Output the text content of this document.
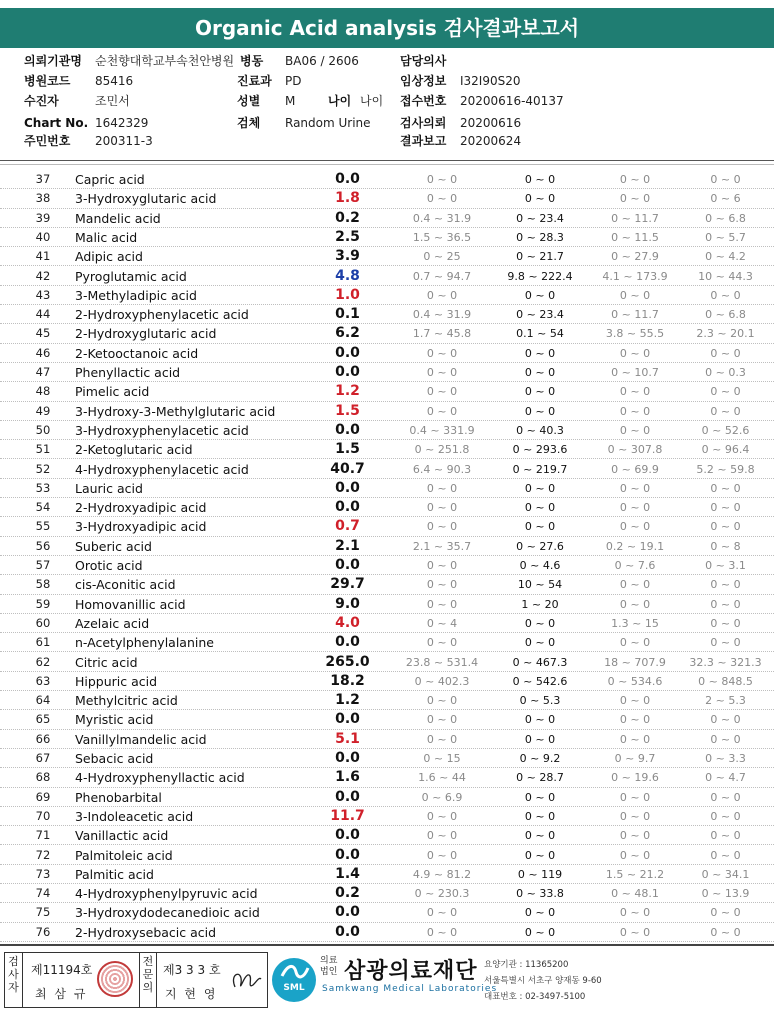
Organic Acid analysis 검사결과보고서
의뢰기관명 순천향대학교부속천안병원 병동 BA06 / 2606	담당의사
병원코드 85416	진료과 PD	임상정보 I32I90S20
수진자	조민서	성별 M	나이 나이 접수번호 20200616-40137
Chart No. 1642329	검체 Random Urine 검사의뢰 20200616
주민번호 200311-3	결과보고 20200624
37	Capric acid	0.0	0 ~ 0	0 ~ 0	0 ~ 0	0 ~ 0
38	3-Hydroxyglutaric acid	1.8	0 ~ 0	0 ~ 0	0 ~ 0	0 ~ 6
39	Mandelic acid	0.2	0.4 ~ 31.9	0 ~ 23.4	0 ~ 11.7	0 ~ 6.8
40	Malic acid	2.5	1.5 ~ 36.5	0 ~ 28.3	0 ~ 11.5	0 ~ 5.7
41	Adipic acid	3.9	0 ~ 25	0 ~ 21.7	0 ~ 27.9	0 ~ 4.2
42	Pyroglutamic acid	4.8	0.7 ~ 94.7	9.8 ~ 222.4	4.1 ~ 173.9	10 ~ 44.3
43	3-Methyladipic acid	1.0	0 ~ 0	0 ~ 0	0 ~ 0	0 ~ 0
44	2-Hydroxyphenylacetic acid	0.1	0.4 ~ 31.9	0 ~ 23.4	0 ~ 11.7	0 ~ 6.8
45	2-Hydroxyglutaric acid	6.2	1.7 ~ 45.8	0.1 ~ 54	3.8 ~ 55.5	2.3 ~ 20.1
46	2-Ketooctanoic acid	0.0	0 ~ 0	0 ~ 0	0 ~ 0	0 ~ 0
47	Phenyllactic acid	0.0	0 ~ 0	0 ~ 0	0 ~ 10.7	0 ~ 0.3
48	Pimelic acid	1.2	0 ~ 0	0 ~ 0	0 ~ 0	0 ~ 0
49	3-Hydroxy-3-Methylglutaric acid	1.5	0 ~ 0	0 ~ 0	0 ~ 0	0 ~ 0
50	3-Hydroxyphenylacetic acid	0.0	0.4 ~ 331.9	0 ~ 40.3	0 ~ 0	0 ~ 52.6
51	2-Ketoglutaric acid	1.5	0 ~ 251.8	0 ~ 293.6	0 ~ 307.8	0 ~ 96.4
52	4-Hydroxyphenylacetic acid	40.7	6.4 ~ 90.3	0 ~ 219.7	0 ~ 69.9	5.2 ~ 59.8
53	Lauric acid	0.0	0 ~ 0	0 ~ 0	0 ~ 0	0 ~ 0
54	2-Hydroxyadipic acid	0.0	0 ~ 0	0 ~ 0	0 ~ 0	0 ~ 0
55	3-Hydroxyadipic acid	0.7	0 ~ 0	0 ~ 0	0 ~ 0	0 ~ 0
56	Suberic acid	2.1	2.1 ~ 35.7	0 ~ 27.6	0.2 ~ 19.1	0 ~ 8
57	Orotic acid	0.0	0 ~ 0	0 ~ 4.6	0 ~ 7.6	0 ~ 3.1
58	cis-Aconitic acid	29.7	0 ~ 0	10 ~ 54	0 ~ 0	0 ~ 0
59	Homovanillic acid	9.0	0 ~ 0	1 ~ 20	0 ~ 0	0 ~ 0
60	Azelaic acid	4.0	0 ~ 4	0 ~ 0	1.3 ~ 15	0 ~ 0
61	n-Acetylphenylalanine	0.0	0 ~ 0	0 ~ 0	0 ~ 0	0 ~ 0
62	Citric acid	265.0	23.8 ~ 531.4	0 ~ 467.3	18 ~ 707.9	32.3 ~ 321.3
63	Hippuric acid	18.2	0 ~ 402.3	0 ~ 542.6	0 ~ 534.6	0 ~ 848.5
64	Methylcitric acid	1.2	0 ~ 0	0 ~ 5.3	0 ~ 0	2 ~ 5.3
65	Myristic acid	0.0	0 ~ 0	0 ~ 0	0 ~ 0	0 ~ 0
66	Vanillylmandelic acid	5.1	0 ~ 0	0 ~ 0	0 ~ 0	0 ~ 0
67	Sebacic acid	0.0	0 ~ 15	0 ~ 9.2	0 ~ 9.7	0 ~ 3.3
68	4-Hydroxyphenyllactic acid	1.6	1.6 ~ 44	0 ~ 28.7	0 ~ 19.6	0 ~ 4.7
69	Phenobarbital	0.0	0 ~ 6.9	0 ~ 0	0 ~ 0	0 ~ 0
70	3-Indoleacetic acid	11.7	0 ~ 0	0 ~ 0	0 ~ 0	0 ~ 0
71	Vanillactic acid	0.0	0 ~ 0	0 ~ 0	0 ~ 0	0 ~ 0
72	Palmitoleic acid	0.0	0 ~ 0	0 ~ 0	0 ~ 0	0 ~ 0
73	Palmitic acid	1.4	4.9 ~ 81.2	0 ~ 119	1.5 ~ 21.2	0 ~ 34.1
74	4-Hydroxyphenylpyruvic acid	0.2	0 ~ 230.3	0 ~ 33.8	0 ~ 48.1	0 ~ 13.9
75	3-Hydroxydodecanedioic acid	0.0	0 ~ 0	0 ~ 0	0 ~ 0	0 ~ 0
76	2-Hydroxysebacic acid	0.0	0 ~ 0	0 ~ 0	0 ~ 0	0 ~ 0
검사자
제11194호
최 삼 규
전문의
제3 3 3 호
지 현 영	SML
의료법인 삼광의료재단
Samkwang Medical Laboratories
요양기관 : 11365200
서울특별시 서초구 양재동 9-60
대표번호 : 02-3497-5100
